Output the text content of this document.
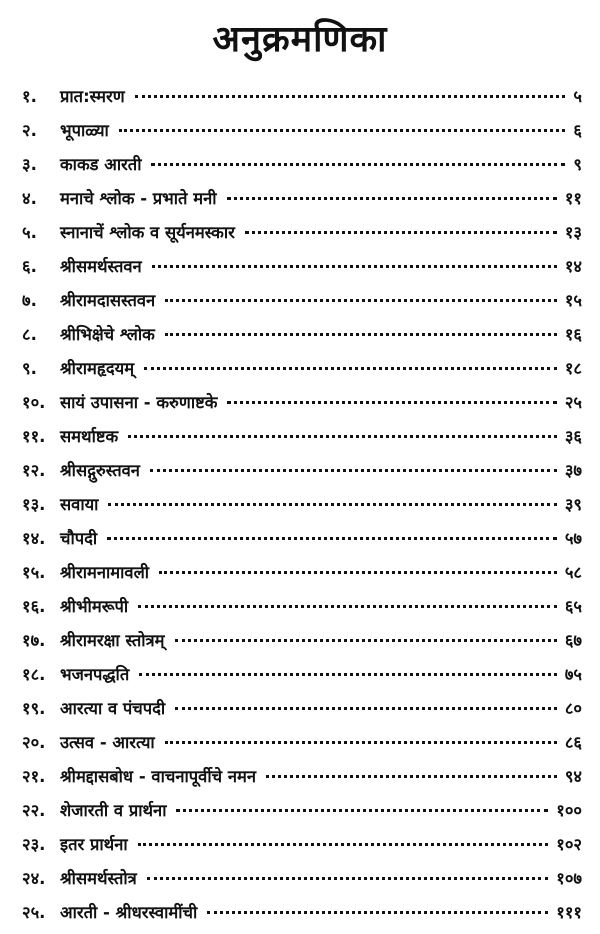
अनुक्रमणिका
१.	प्रात:स्मरण	५
२.	भूपाळ्या	६
३.	काकड आरती	९
४.	मनाचे श्लोक - प्रभाते मनी	११
५.	स्नानाचें श्लोक व सूर्यनमस्कार	१३
६.	श्रीसमर्थस्तवन	१४
७.	श्रीरामदासस्तवन	१५
८.	श्रीभिक्षेचे श्लोक	१६
९.	श्रीरामहृदयम्	१८
१०. सायं उपासना - करुणाष्टके	२५
११. समर्थाष्टक	३६
१२. श्रीसद्गुरुस्तवन	३७
१३. सवाया	३९
१४. चौपदी	५७
१५. श्रीरामनामावली	५८
१६. श्रीभीमरूपी	६५
१७. श्रीरामरक्षा स्तोत्रम्	६७
१८. भजनपद्धति	७५
१९. आरत्या व पंचपदी	८०
२०. उत्सव - आरत्या	८६
२१. श्रीमद्दासबोध - वाचनापूर्वीचे नमन	९४
२२. शेजारती व प्रार्थना	१००
२३. इतर प्रार्थना	१०२
२४. श्रीसमर्थस्तोत्र	१०७
२५. आरती - श्रीधरस्वामींची	१११
